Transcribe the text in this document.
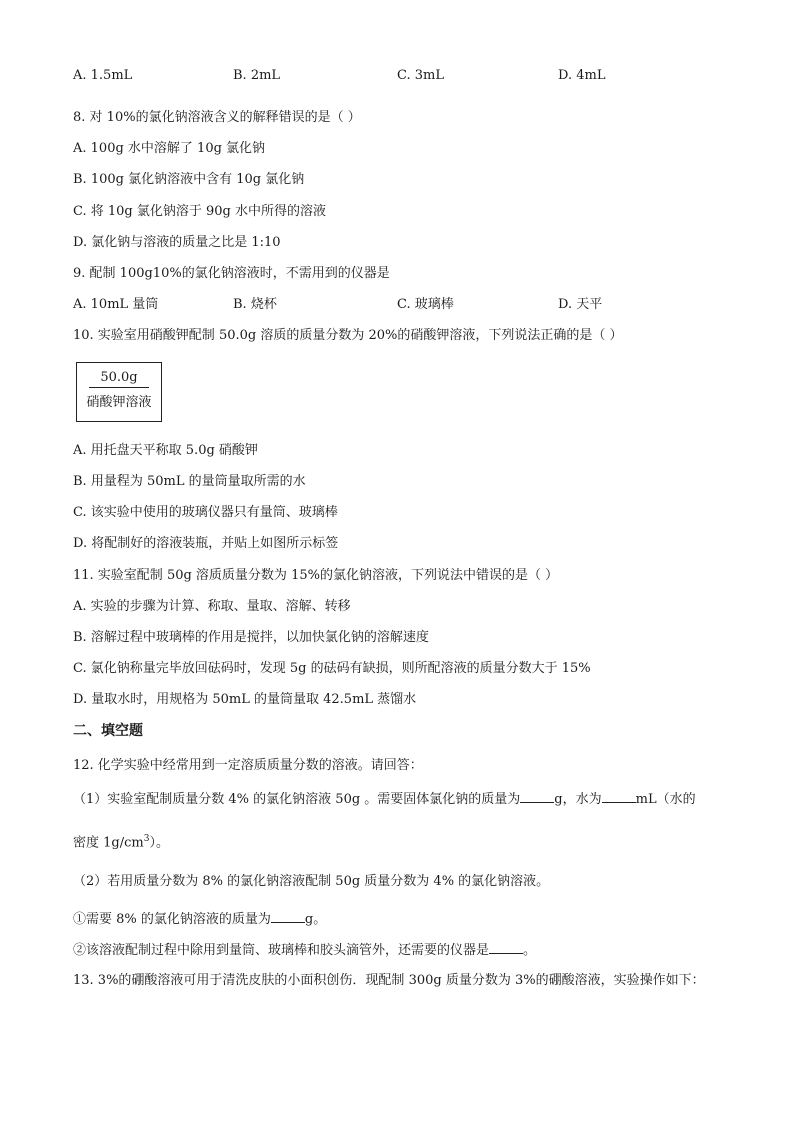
A. 1.5mL	B. 2mL	C. 3mL	D. 4mL
8. 对 10%的氯化钠溶液含义的解释错误的是（ ）
A. 100g 水中溶解了 10g 氯化钠
B. 100g 氯化钠溶液中含有 10g 氯化钠
C. 将 10g 氯化钠溶于 90g 水中所得的溶液
D. 氯化钠与溶液的质量之比是 1:10
9. 配制 100g10%的氯化钠溶液时，不需用到的仪器是
A. 10mL 量筒	B. 烧杯	C. 玻璃棒	D. 天平
10. 实验室用硝酸钾配制 50.0g 溶质的质量分数为 20%的硝酸钾溶液，下列说法正确的是（ ）
50.0g
硝酸钾溶液
A. 用托盘天平称取 5.0g 硝酸钾
B. 用量程为 50mL 的量筒量取所需的水
C. 该实验中使用的玻璃仪器只有量筒、玻璃棒
D. 将配制好的溶液装瓶，并贴上如图所示标签
11. 实验室配制 50g 溶质质量分数为 15%的氯化钠溶液，下列说法中错误的是（ ）
A. 实验的步骤为计算、称取、量取、溶解、转移
B. 溶解过程中玻璃棒的作用是搅拌，以加快氯化钠的溶解速度
C. 氯化钠称量完毕放回砝码时，发现 5g 的砝码有缺损，则所配溶液的质量分数大于 15%
D. 量取水时，用规格为 50mL 的量筒量取 42.5mL 蒸馏水
二、填空题
12. 化学实验中经常用到一定溶质质量分数的溶液。请回答：
（1）实验室配制质量分数 4% 的氯化钠溶液 50g 。需要固体氯化钠的质量为	g，水为	mL（水的
密度 $1g/cm^3$）。
（2）若用质量分数为 8% 的氯化钠溶液配制 50g 质量分数为 4% 的氯化钠溶液。
①需要 8% 的氯化钠溶液的质量为	g。
②该溶液配制过程中除用到量筒、玻璃棒和胶头滴管外，还需要的仪器是	。
13. 3%的硼酸溶液可用于清洗皮肤的小面积创伤．现配制 300g 质量分数为 3%的硼酸溶液，实验操作如下：
